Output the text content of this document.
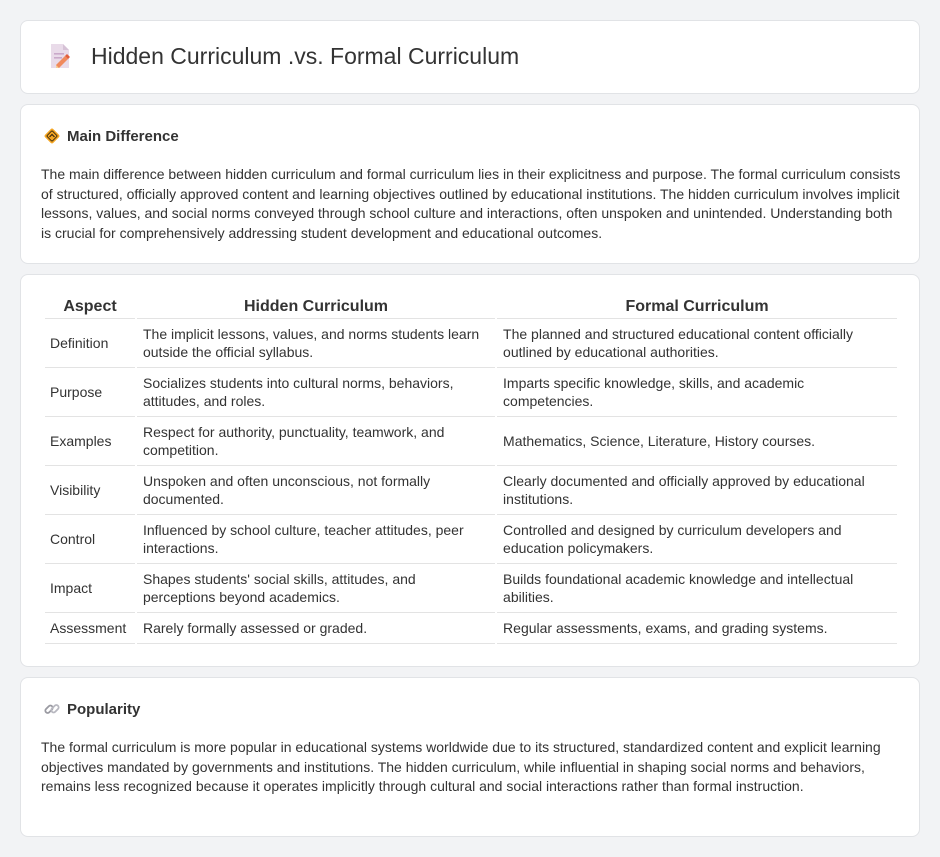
Hidden Curriculum .vs. Formal Curriculum
Main Difference

The main difference between hidden curriculum and formal curriculum lies in their explicitness and purpose. The formal curriculum consists of structured, officially approved content and learning objectives outlined by educational institutions. The hidden curriculum involves implicit lessons, values, and social norms conveyed through school culture and interactions, often unspoken and unintended. Understanding both is crucial for comprehensively addressing student development and educational outcomes.

Aspect	Hidden Curriculum	Formal Curriculum
Definition	The implicit lessons, values, and norms students learn outside the official syllabus.	The planned and structured educational content officially outlined by educational authorities.
Purpose	Socializes students into cultural norms, behaviors, attitudes, and roles.	Imparts specific knowledge, skills, and academic competencies.
Examples	Respect for authority, punctuality, teamwork, and competition.	Mathematics, Science, Literature, History courses.
Visibility	Unspoken and often unconscious, not formally documented.	Clearly documented and officially approved by educational institutions.
Control	Influenced by school culture, teacher attitudes, peer interactions.	Controlled and designed by curriculum developers and education policymakers.
Impact	Shapes students' social skills, attitudes, and perceptions beyond academics.	Builds foundational academic knowledge and intellectual abilities.
Assessment	Rarely formally assessed or graded.	Regular assessments, exams, and grading systems.
Popularity

The formal curriculum is more popular in educational systems worldwide due to its structured, standardized content and explicit learning objectives mandated by governments and institutions. The hidden curriculum, while influential in shaping social norms and behaviors, remains less recognized because it operates implicitly through cultural and social interactions rather than formal instruction.
